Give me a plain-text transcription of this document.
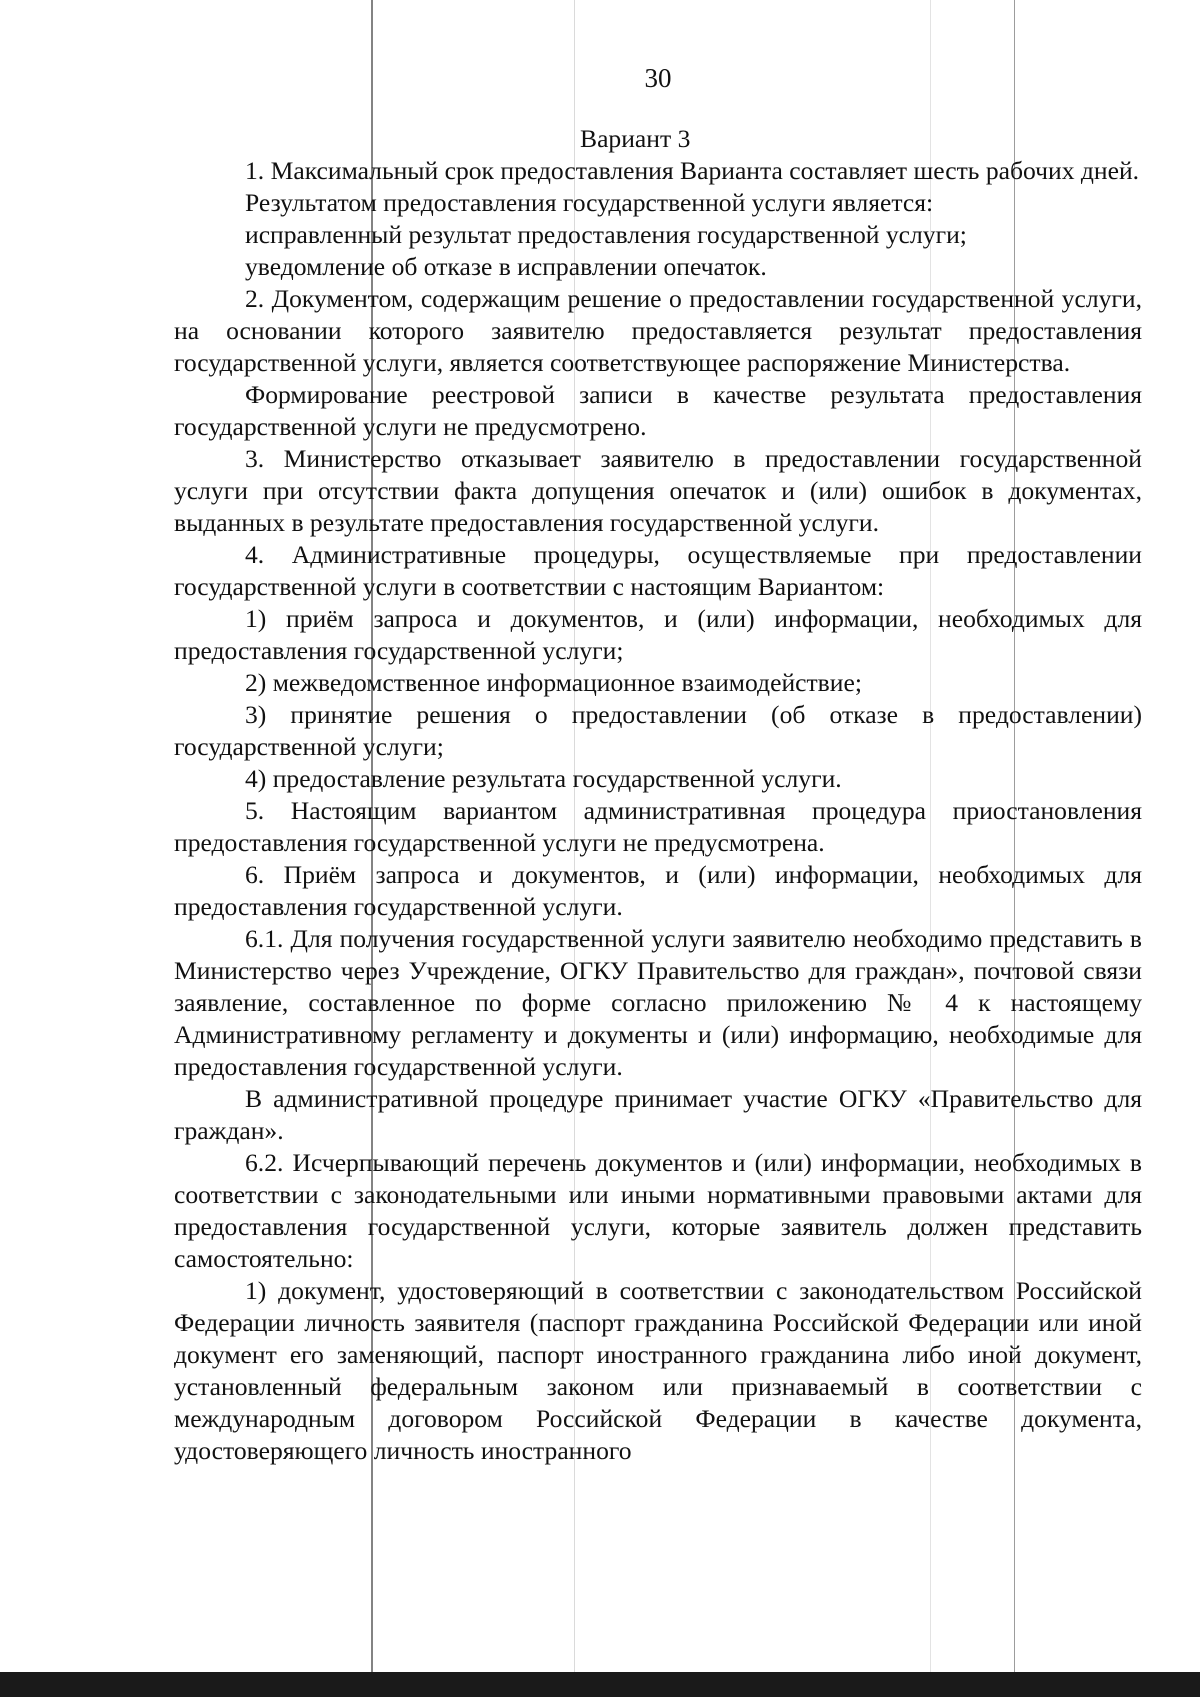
30

Вариант 3

1. Максимальный срок предоставления Варианта составляет шесть рабочих дней.

Результатом предоставления государственной услуги является:

исправленный результат предоставления государственной услуги;

уведомление об отказе в исправлении опечаток.

2. Документом, содержащим решение о предоставлении государственной услуги, на основании которого заявителю предоставляется результат предоставления государственной услуги, является соответствующее распоряжение Министерства.

Формирование реестровой записи в качестве результата предоставления государственной услуги не предусмотрено.

3. Министерство отказывает заявителю в предоставлении государственной услуги при отсутствии факта допущения опечаток и (или) ошибок в документах, выданных в результате предоставления государственной услуги.

4. Административные процедуры, осуществляемые при предоставлении государственной услуги в соответствии с настоящим Вариантом:

1) приём запроса и документов, и (или) информации, необходимых для предоставления государственной услуги;

2) межведомственное информационное взаимодействие;

3) принятие решения о предоставлении (об отказе в предоставлении) государственной услуги;

4) предоставление результата государственной услуги.

5. Настоящим вариантом административная процедура приостановления предоставления государственной услуги не предусмотрена.

6. Приём запроса и документов, и (или) информации, необходимых для предоставления государственной услуги.

6.1. Для получения государственной услуги заявителю необходимо представить в Министерство через Учреждение, ОГКУ Правительство для граждан», почтовой связи заявление, составленное по форме согласно приложению № 4 к настоящему Административному регламенту и документы и (или) информацию, необходимые для предоставления государственной услуги.

В административной процедуре принимает участие ОГКУ «Правительство для граждан».

6.2. Исчерпывающий перечень документов и (или) информации, необходимых в соответствии с законодательными или иными нормативными правовыми актами для предоставления государственной услуги, которые заявитель должен представить самостоятельно:

1) документ, удостоверяющий в соответствии с законодательством Российской Федерации личность заявителя (паспорт гражданина Российской Федерации или иной документ его заменяющий, паспорт иностранного гражданина либо иной документ, установленный федеральным законом или признаваемый в соответствии с международным договором Российской Федерации в качестве документа, удостоверяющего личность иностранного
